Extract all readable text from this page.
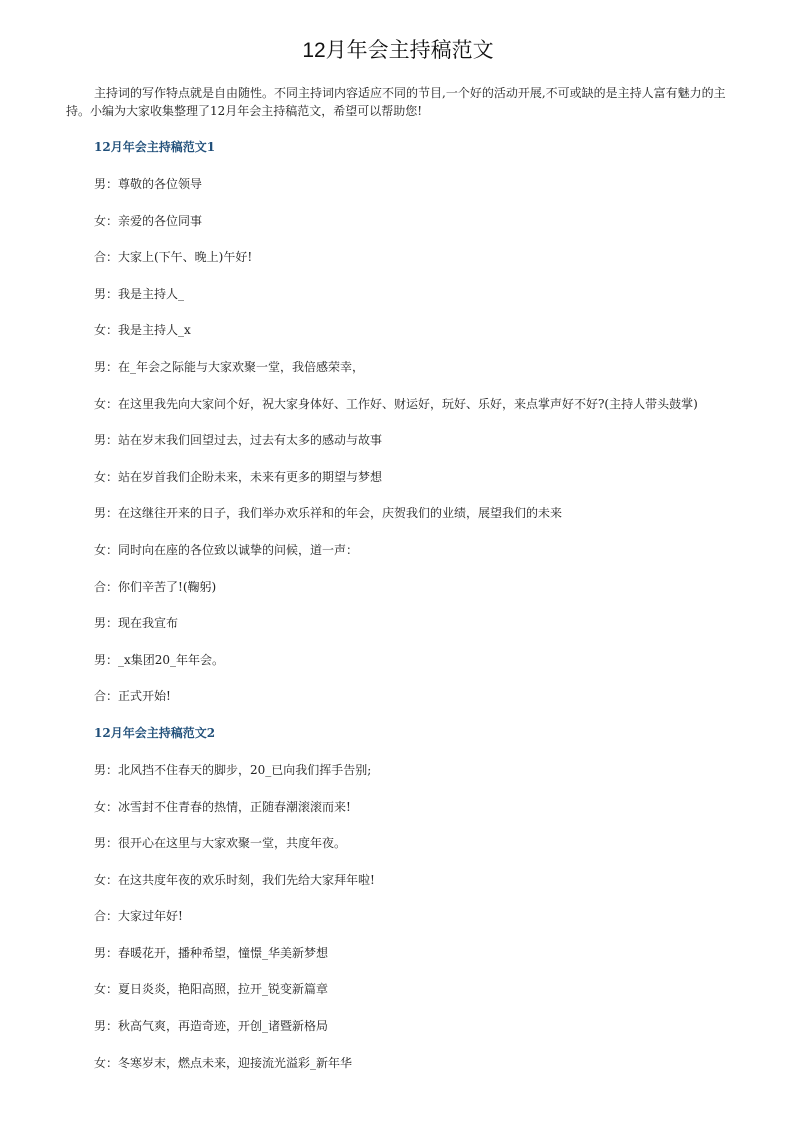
12月年会主持稿范文

主持词的写作特点就是自由随性。不同主持词内容适应不同的节目,一个好的活动开展,不可或缺的是主持人富有魅力的主持。小编为大家收集整理了12月年会主持稿范文，希望可以帮助您!

12月年会主持稿范文1

男：尊敬的各位领导

女：亲爱的各位同事

合：大家上(下午、晚上)午好!

男：我是主持人_

女：我是主持人_x

男：在_年会之际能与大家欢聚一堂，我倍感荣幸，

女：在这里我先向大家问个好，祝大家身体好、工作好、财运好，玩好、乐好，来点掌声好不好?(主持人带头鼓掌)

男：站在岁末我们回望过去，过去有太多的感动与故事

女：站在岁首我们企盼未来，未来有更多的期望与梦想

男：在这继往开来的日子，我们举办欢乐祥和的年会，庆贺我们的业绩，展望我们的未来

女：同时向在座的各位致以诚挚的问候，道一声：

合：你们辛苦了!(鞠躬)

男：现在我宣布

男：_x集团20_年年会。

合：正式开始!

12月年会主持稿范文2

男：北风挡不住春天的脚步，20_已向我们挥手告别;

女：冰雪封不住青春的热情，正随春潮滚滚而来!

男：很开心在这里与大家欢聚一堂，共度年夜。

女：在这共度年夜的欢乐时刻，我们先给大家拜年啦!

合：大家过年好!

男：春暖花开，播种希望，憧憬_华美新梦想

女：夏日炎炎，艳阳高照，拉开_锐变新篇章

男：秋高气爽，再造奇迹，开创_诸暨新格局

女：冬寒岁末，燃点未来，迎接流光溢彩_新年华
